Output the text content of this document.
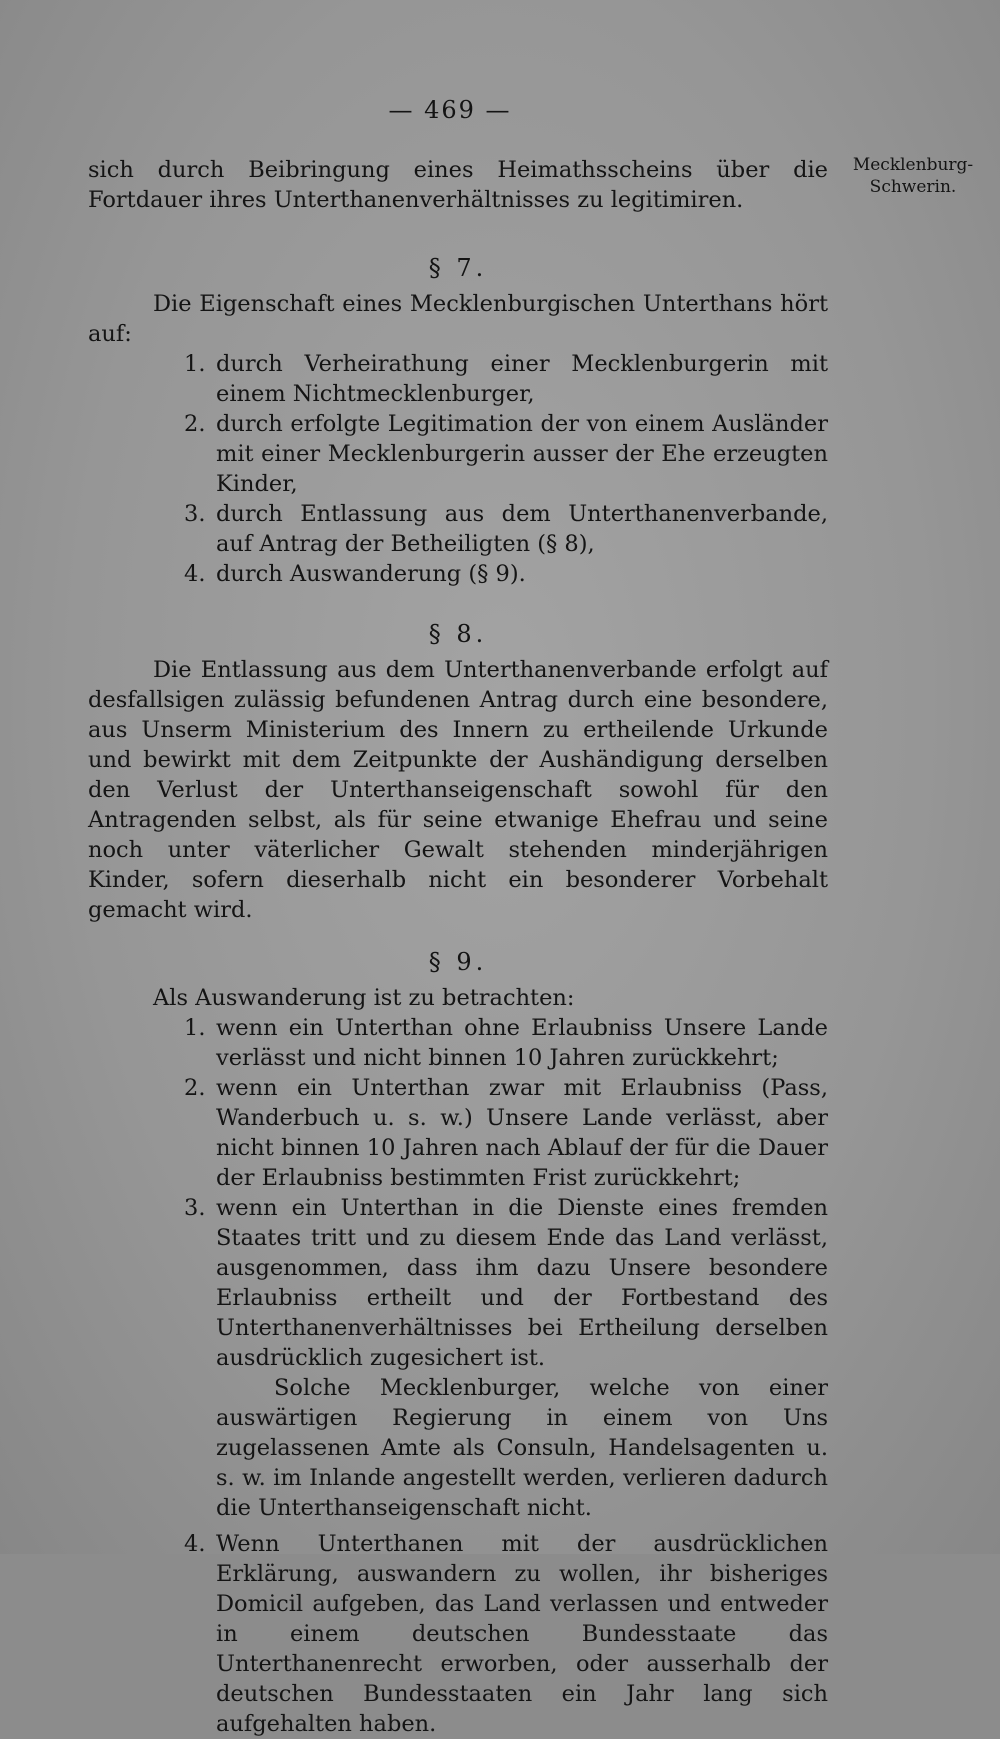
— 469 —
Mecklenburg-
Schwerin.

sich durch Beibringung eines Heimathsscheins über die Fortdauer ihres Unterthanenverhältnisses zu legitimiren.

§ 7.

Die Eigenschaft eines Mecklenburgischen Unterthans hört auf:

1. durch Verheirathung einer Mecklenburgerin mit einem Nichtmecklenburger,
2. durch erfolgte Legitimation der von einem Ausländer mit einer Mecklenburgerin ausser der Ehe erzeugten Kinder,
3. durch Entlassung aus dem Unterthanenverbande, auf Antrag der Betheiligten (§ 8),
4. durch Auswanderung (§ 9).
§ 8.

Die Entlassung aus dem Unterthanenverbande erfolgt auf desfallsigen zulässig befundenen Antrag durch eine besondere, aus Unserm Ministerium des Innern zu ertheilende Urkunde und bewirkt mit dem Zeitpunkte der Aushändigung derselben den Verlust der Unterthanseigenschaft sowohl für den Antragenden selbst, als für seine etwanige Ehefrau und seine noch unter väterlicher Gewalt stehenden minderjährigen Kinder, sofern dieserhalb nicht ein besonderer Vorbehalt gemacht wird.

§ 9.

Als Auswanderung ist zu betrachten:

1. wenn ein Unterthan ohne Erlaubniss Unsere Lande verlässt und nicht binnen 10 Jahren zurückkehrt;
2. wenn ein Unterthan zwar mit Erlaubniss (Pass, Wanderbuch u. s. w.) Unsere Lande verlässt, aber nicht binnen 10 Jahren nach Ablauf der für die Dauer der Erlaubniss bestimmten Frist zurückkehrt;
3. wenn ein Unterthan in die Dienste eines fremden Staates tritt und zu diesem Ende das Land verlässt, ausgenommen, dass ihm dazu Unsere besondere Erlaubniss ertheilt und der Fortbestand des Unterthanenverhältnisses bei Ertheilung derselben ausdrücklich zugesichert ist.

Solche Mecklenburger, welche von einer auswärtigen Regierung in einem von Uns zugelassenen Amte als Consuln, Handelsagenten u. s. w. im Inlande angestellt werden, verlieren dadurch die Unterthanseigenschaft nicht.

4. Wenn Unterthanen mit der ausdrücklichen Erklärung, auswandern zu wollen, ihr bisheriges Domicil aufgeben, das Land verlassen und entweder in einem deutschen Bundesstaate das Unterthanenrecht erworben, oder ausserhalb der deutschen Bundesstaaten ein Jahr lang sich aufgehalten haben.
